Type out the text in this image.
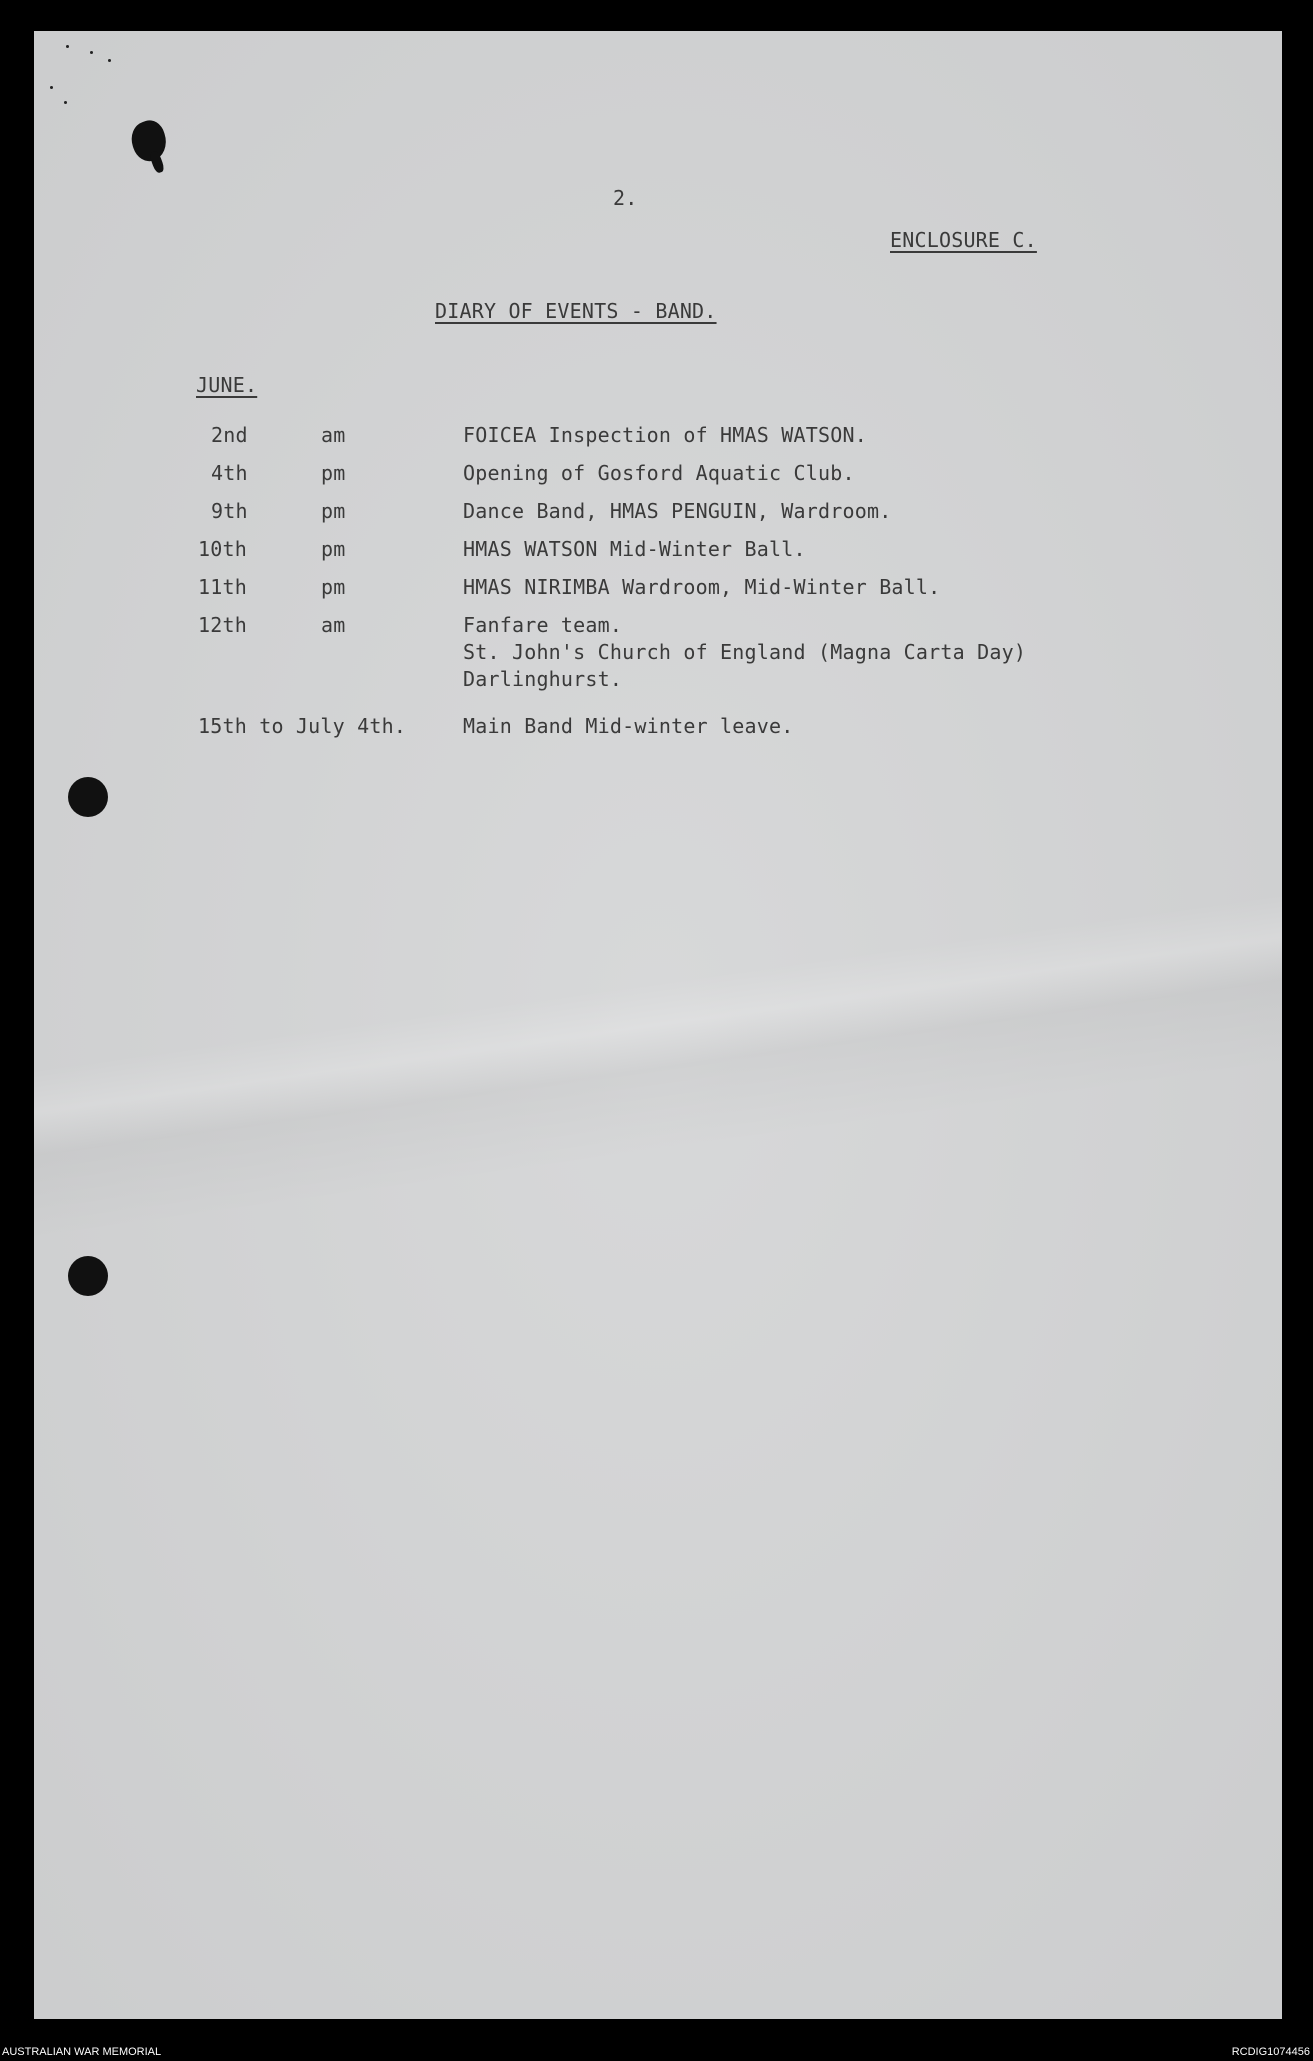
2.
ENCLOSURE C.
DIARY OF EVENTS - BAND.
JUNE.
2nd	am	FOICEA Inspection of HMAS WATSON.
4th	pm	Opening of Gosford Aquatic Club.
9th	pm	Dance Band, HMAS PENGUIN, Wardroom.
10th	pm	HMAS WATSON Mid-Winter Ball.
11th	pm	HMAS NIRIMBA Wardroom, Mid-Winter Ball.
12th	am	Fanfare team.
St. John's Church of England (Magna Carta Day)
Darlinghurst.
15th to July 4th.	Main Band Mid-winter leave.
AUSTRALIAN WAR MEMORIAL	RCDIG1074456
